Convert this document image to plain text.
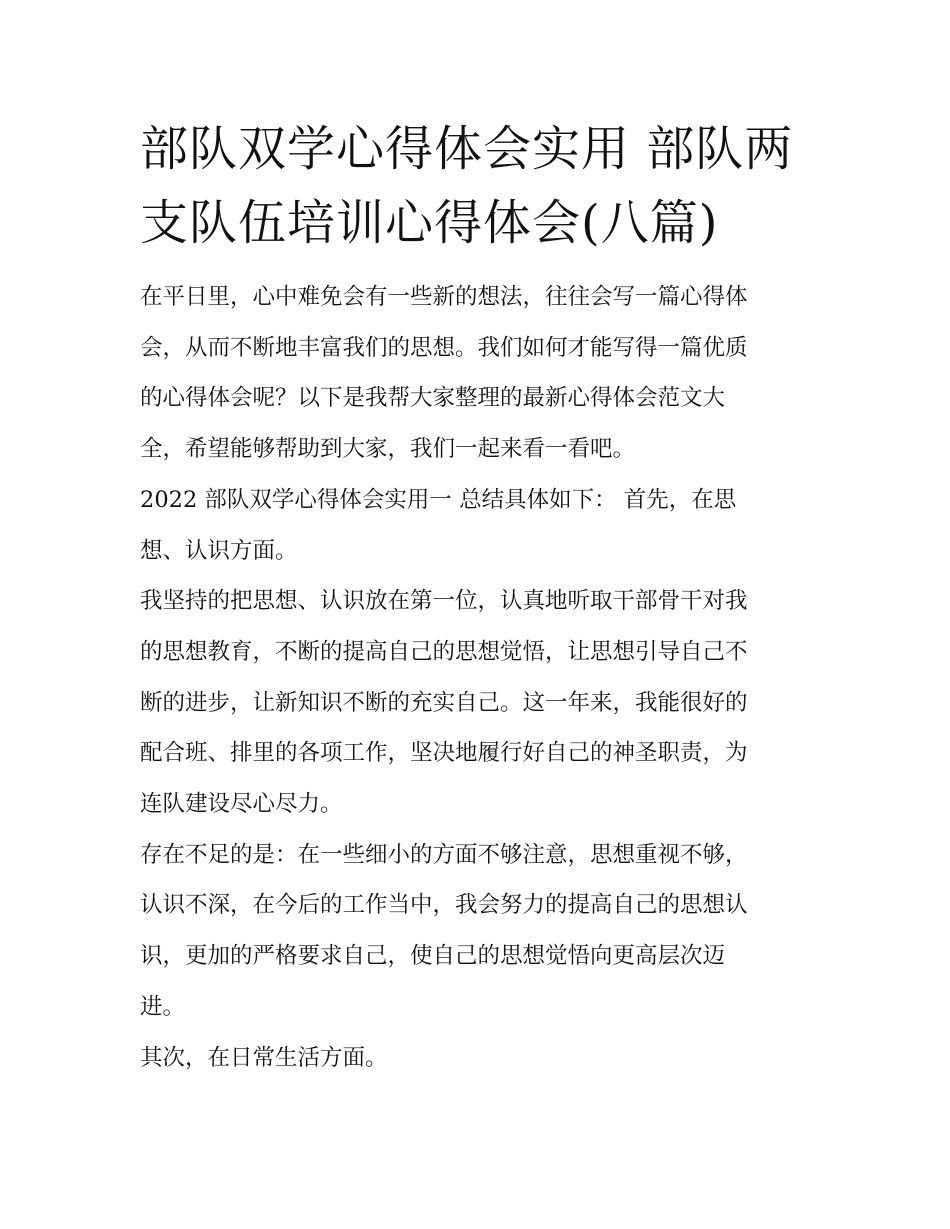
部队双学心得体会实用 部队两
支队伍培训心得体会(八篇)

在平日里，心中难免会有一些新的想法，往往会写一篇心得体
会，从而不断地丰富我们的思想。我们如何才能写得一篇优质
的心得体会呢？以下是我帮大家整理的最新心得体会范文大
全，希望能够帮助到大家，我们一起来看一看吧。

2022 部队双学心得体会实用一 总结具体如下： 首先，在思
想、认识方面。

我坚持的把思想、认识放在第一位，认真地听取干部骨干对我
的思想教育，不断的提高自己的思想觉悟，让思想引导自己不
断的进步，让新知识不断的充实自己。这一年来，我能很好的
配合班、排里的各项工作，坚决地履行好自己的神圣职责，为
连队建设尽心尽力。

存在不足的是：在一些细小的方面不够注意，思想重视不够，
认识不深，在今后的工作当中，我会努力的提高自己的思想认
识，更加的严格要求自己，使自己的思想觉悟向更高层次迈
进。

其次，在日常生活方面。
